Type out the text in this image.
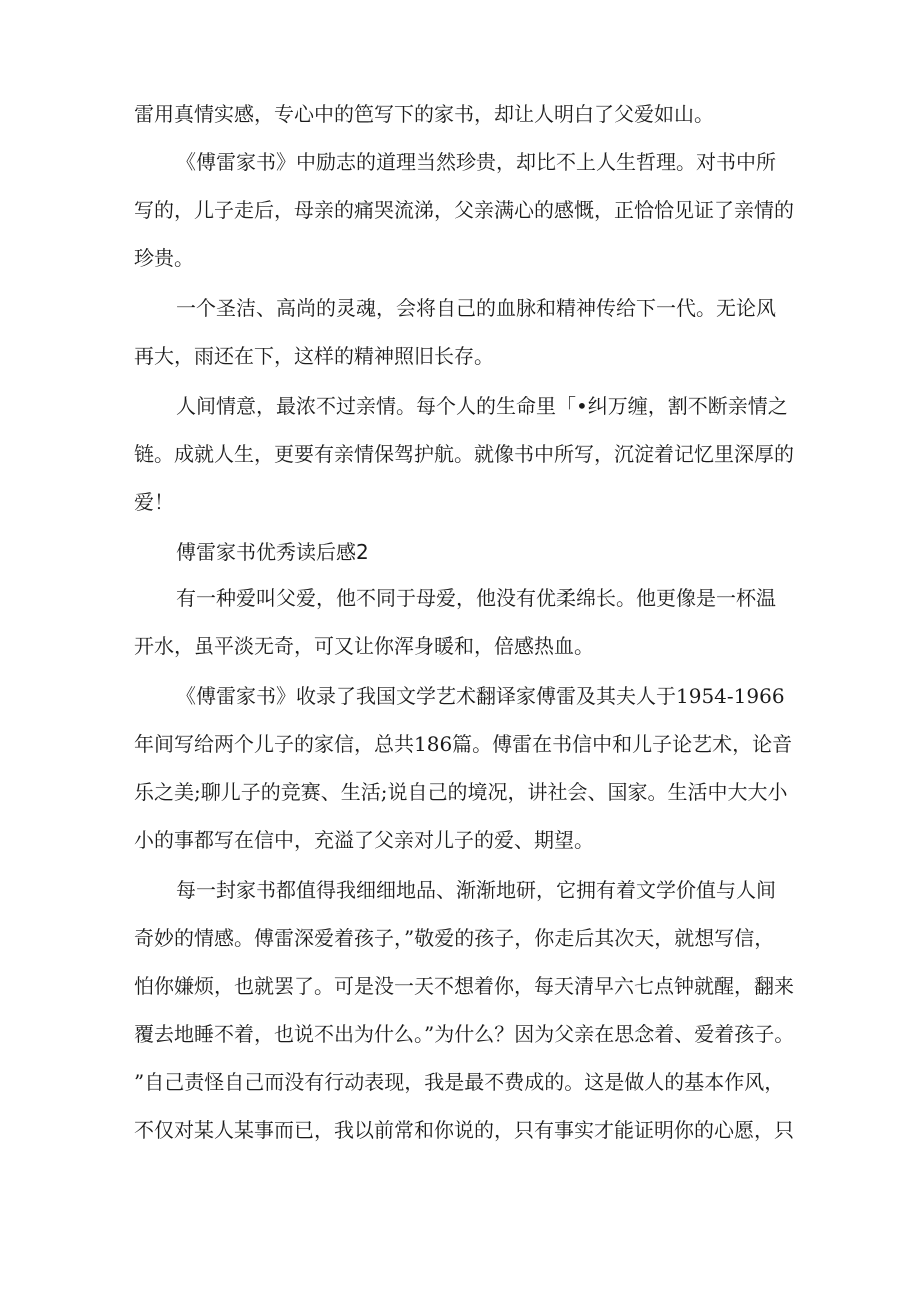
雷用真情实感，专心中的笆写下的家书，却让人明白了父爱如山。

《傅雷家书》中励志的道理当然珍贵，却比不上人生哲理。对书中所

写的，儿子走后，母亲的痛哭流涕，父亲满心的感慨，正恰恰见证了亲情的

珍贵。

一个圣洁、高尚的灵魂，会将自己的血脉和精神传给下一代。无论风

再大，雨还在下，这样的精神照旧长存。

人间情意，最浓不过亲情。每个人的生命里「•纠万缠，割不断亲情之

链。成就人生，更要有亲情保驾护航。就像书中所写，沉淀着记忆里深厚的

爱！

傅雷家书优秀读后感2

有一种爱叫父爱，他不同于母爱，他没有优柔绵长。他更像是一杯温

开水，虽平淡无奇，可又让你浑身暖和，倍感热血。

《傅雷家书》收录了我国文学艺术翻译家傅雷及其夫人于1954-1966

年间写给两个儿子的家信，总共186篇。傅雷在书信中和儿子论艺术，论音

乐之美;聊儿子的竞赛、生活;说自己的境况，讲社会、国家。生活中大大小

小的事都写在信中，充溢了父亲对儿子的爱、期望。

每一封家书都值得我细细地品、渐渐地研，它拥有着文学价值与人间

奇妙的情感。傅雷深爱着孩子，”敬爱的孩子，你走后其次天，就想写信，

怕你嫌烦，也就罢了。可是没一天不想着你，每天清早六七点钟就醒，翻来

覆去地睡不着，也说不出为什么。”为什么？因为父亲在思念着、爱着孩子。

”自己责怪自己而没有行动表现，我是最不费成的。这是做人的基本作风，

不仅对某人某事而已，我以前常和你说的，只有事实才能证明你的心愿，只
